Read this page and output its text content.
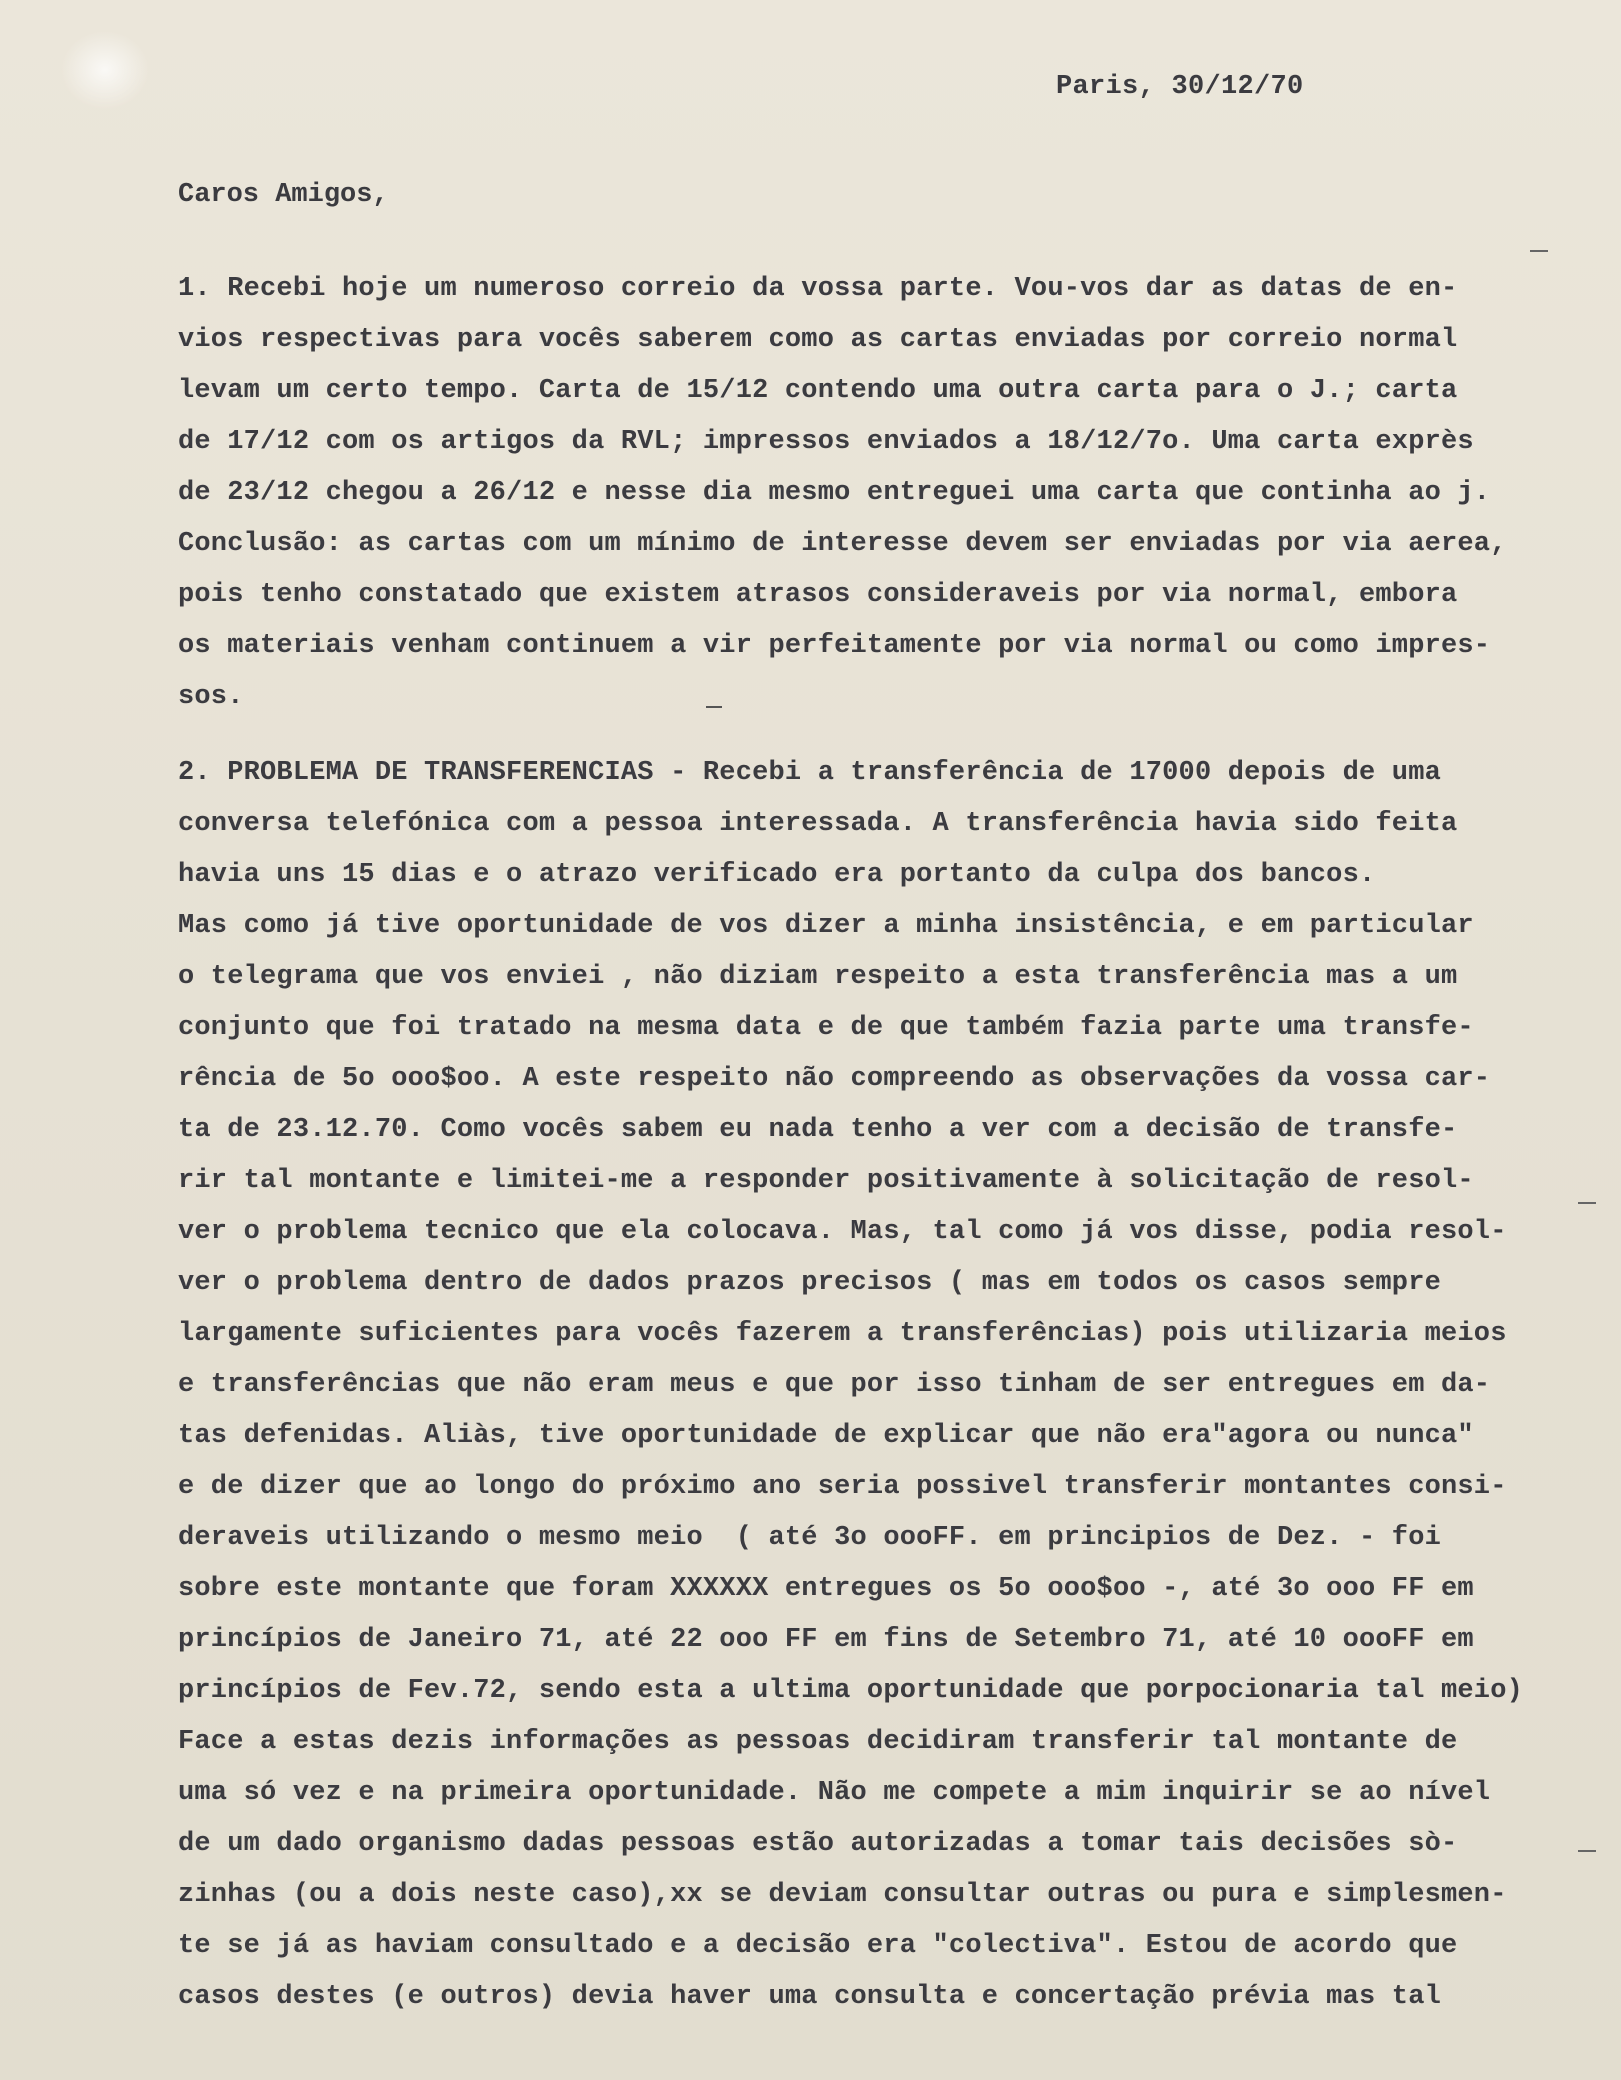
Paris, 30/12/70
Caros Amigos,
1. Recebi hoje um numeroso correio da vossa parte. Vou-vos dar as datas de en-
vios respectivas para vocês saberem como as cartas enviadas por correio normal
levam um certo tempo. Carta de 15/12 contendo uma outra carta para o J.; carta
de 17/12 com os artigos da RVL; impressos enviados a 18/12/7o. Uma carta exprès
de 23/12 chegou a 26/12 e nesse dia mesmo entreguei uma carta que continha ao j.
Conclusão: as cartas com um mínimo de interesse devem ser enviadas por via aerea,
pois tenho constatado que existem atrasos consideraveis por via normal, embora
os materiais venham continuem a vir perfeitamente por via normal ou como impres-
sos.
2. PROBLEMA DE TRANSFERENCIAS - Recebi a transferência de 17000 depois de uma
conversa telefónica com a pessoa interessada. A transferência havia sido feita
havia uns 15 dias e o atrazo verificado era portanto da culpa dos bancos.
Mas como já tive oportunidade de vos dizer a minha insistência, e em particular
o telegrama que vos enviei , não diziam respeito a esta transferência mas a um
conjunto que foi tratado na mesma data e de que também fazia parte uma transfe-
rência de 5o ooo$oo. A este respeito não compreendo as observações da vossa car-
ta de 23.12.70. Como vocês sabem eu nada tenho a ver com a decisão de transfe-
rir tal montante e limitei-me a responder positivamente à solicitação de resol-
ver o problema tecnico que ela colocava. Mas, tal como já vos disse, podia resol-
ver o problema dentro de dados prazos precisos ( mas em todos os casos sempre
largamente suficientes para vocês fazerem a transferências) pois utilizaria meios
e transferências que não eram meus e que por isso tinham de ser entregues em da-
tas defenidas. Aliàs, tive oportunidade de explicar que não era"agora ou nunca"
e de dizer que ao longo do próximo ano seria possivel transferir montantes consi-
deraveis utilizando o mesmo meio  ( até 3o oooFF. em principios de Dez. - foi
sobre este montante que foram XXXXXX entregues os 5o ooo$oo -, até 3o ooo FF em
princípios de Janeiro 71, até 22 ooo FF em fins de Setembro 71, até 10 oooFF em
princípios de Fev.72, sendo esta a ultima oportunidade que porpocionaria tal meio)
Face a estas dezis informações as pessoas decidiram transferir tal montante de
uma só vez e na primeira oportunidade. Não me compete a mim inquirir se ao nível
de um dado organismo dadas pessoas estão autorizadas a tomar tais decisões sò-
zinhas (ou a dois neste caso),xx se deviam consultar outras ou pura e simplesmen-
te se já as haviam consultado e a decisão era "colectiva". Estou de acordo que
casos destes (e outros) devia haver uma consulta e concertação prévia mas tal
